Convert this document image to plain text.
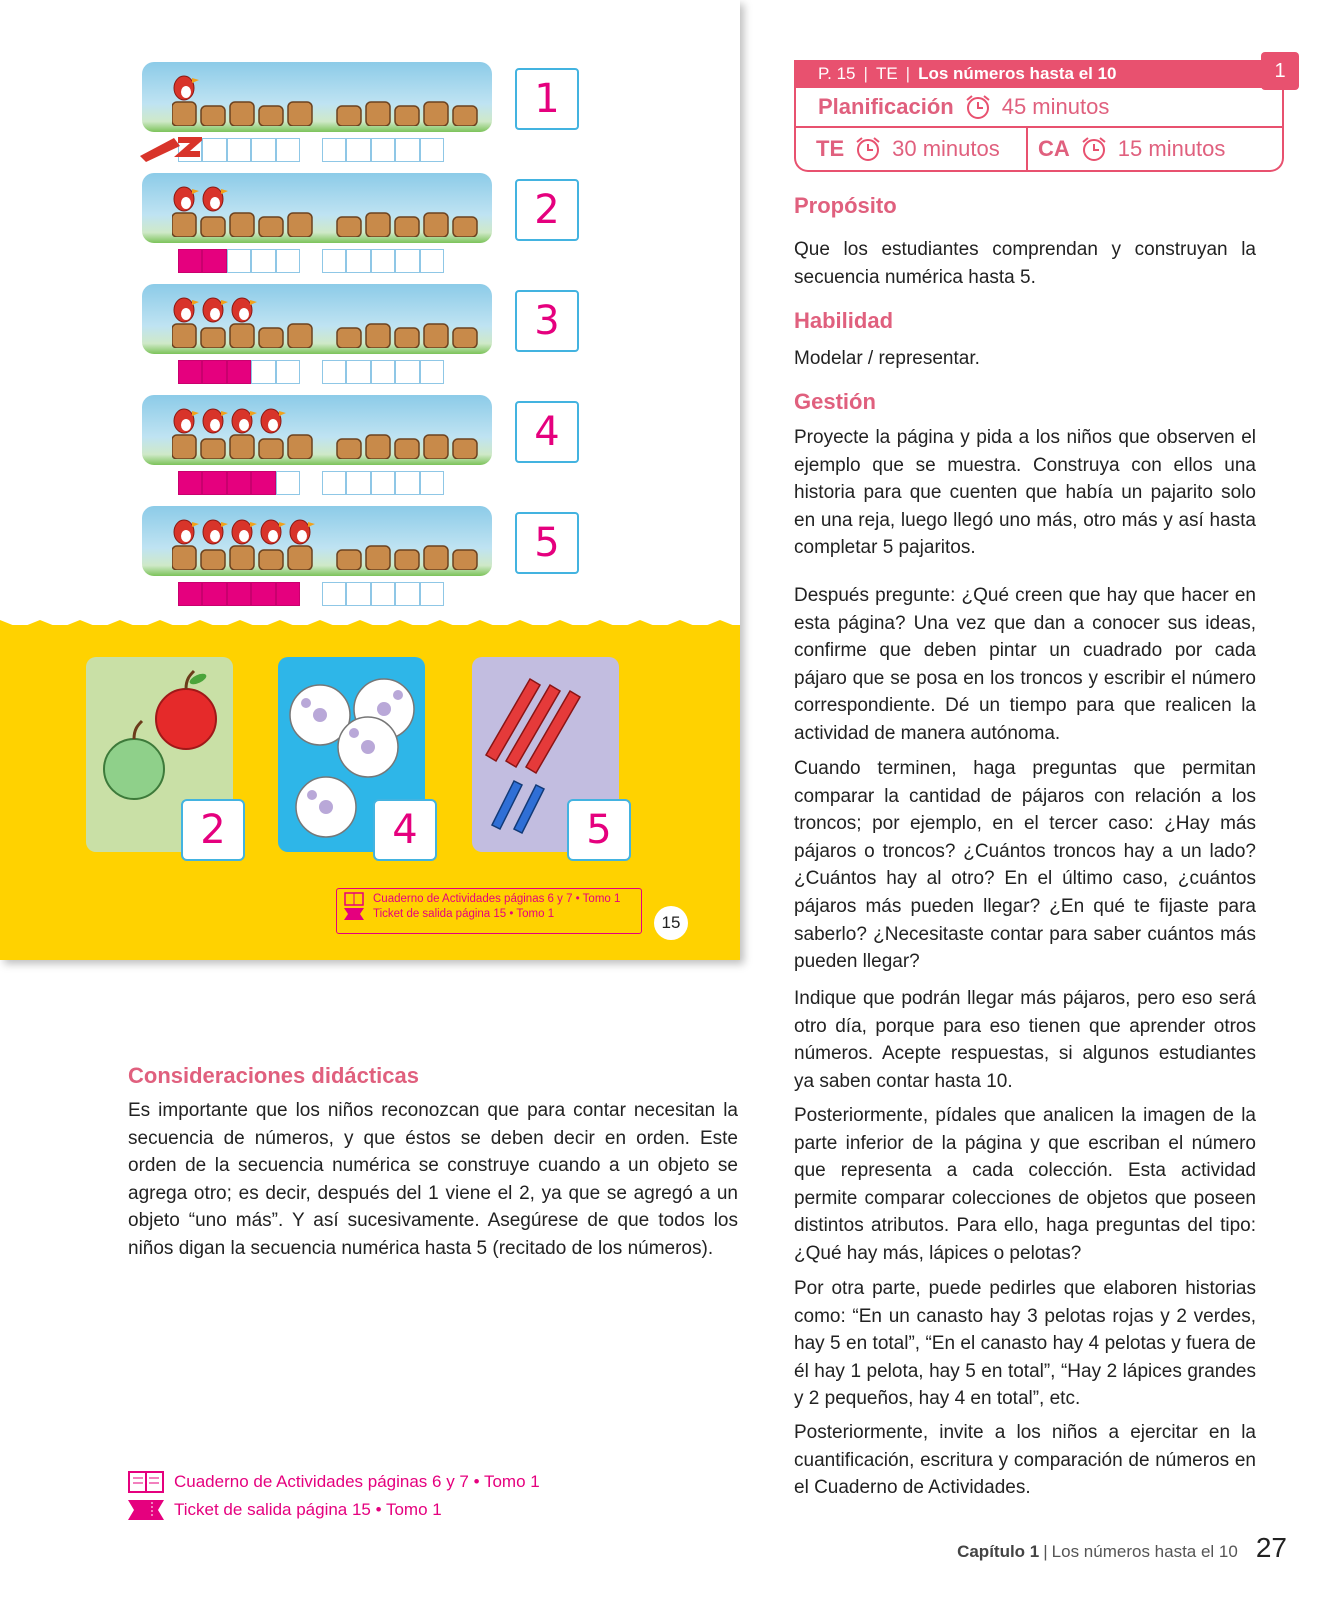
1
2
3
4
5
2	4	5
Cuaderno de Actividades páginas 6 y 7 • Tomo 1
Ticket de salida página 15 • Tomo 1	15
Consideraciones didácticas
Es importante que los niños reconozcan que para contar necesitan la secuencia de números, y que éstos se deben decir en orden. Este orden de la secuencia numérica se construye cuando a un objeto se agrega otro; es decir, después del 1 viene el 2, ya que se agregó a un objeto “uno más”. Y así sucesivamente. Asegúrese de que todos los niños digan la secuencia numérica hasta 5 (recitado de los números).
Cuaderno de Actividades páginas 6 y 7 • Tomo 1
Ticket de salida página 15 • Tomo 1
1
P. 15 | TE | Los números hasta el 10
Planificación 45 minutos
TE 30 minutos CA 15 minutos
Propósito
Que los estudiantes comprendan y construyan la secuencia numérica hasta 5.
Habilidad
Modelar / representar.
Gestión
Proyecte la página y pida a los niños que observen el ejemplo que se muestra. Construya con ellos una historia para que cuenten que había un pajarito solo en una reja, luego llegó uno más, otro más y así hasta completar 5 pajaritos.
Después pregunte: ¿Qué creen que hay que hacer en esta página? Una vez que dan a conocer sus ideas, confirme que deben pintar un cuadrado por cada pájaro que se posa en los troncos y escribir el número correspondiente. Dé un tiempo para que realicen la actividad de manera autónoma.
Cuando terminen, haga preguntas que permitan comparar la cantidad de pájaros con relación a los troncos; por ejemplo, en el tercer caso: ¿Hay más pájaros o troncos? ¿Cuántos troncos hay a un lado? ¿Cuántos hay al otro? En el último caso, ¿cuántos pájaros más pueden llegar? ¿En qué te fijaste para saberlo? ¿Necesitaste contar para saber cuántos más pueden llegar?
Indique que podrán llegar más pájaros, pero eso será otro día, porque para eso tienen que aprender otros números. Acepte respuestas, si algunos estudiantes ya saben contar hasta 10.
Posteriormente, pídales que analicen la imagen de la parte inferior de la página y que escriban el número que representa a cada colección. Esta actividad permite comparar colecciones de objetos que poseen distintos atributos. Para ello, haga preguntas del tipo: ¿Qué hay más, lápices o pelotas?
Por otra parte, puede pedirles que elaboren historias como: “En un canasto hay 3 pelotas rojas y 2 verdes, hay 5 en total”, “En el canasto hay 4 pelotas y fuera de él hay 1 pelota, hay 5 en total”, “Hay 2 lápices grandes y 2 pequeños, hay 4 en total”, etc.
Posteriormente, invite a los niños a ejercitar en la cuantificación, escritura y comparación de números en el Cuaderno de Actividades.
Capítulo 1 | Los números hasta el 10 27
